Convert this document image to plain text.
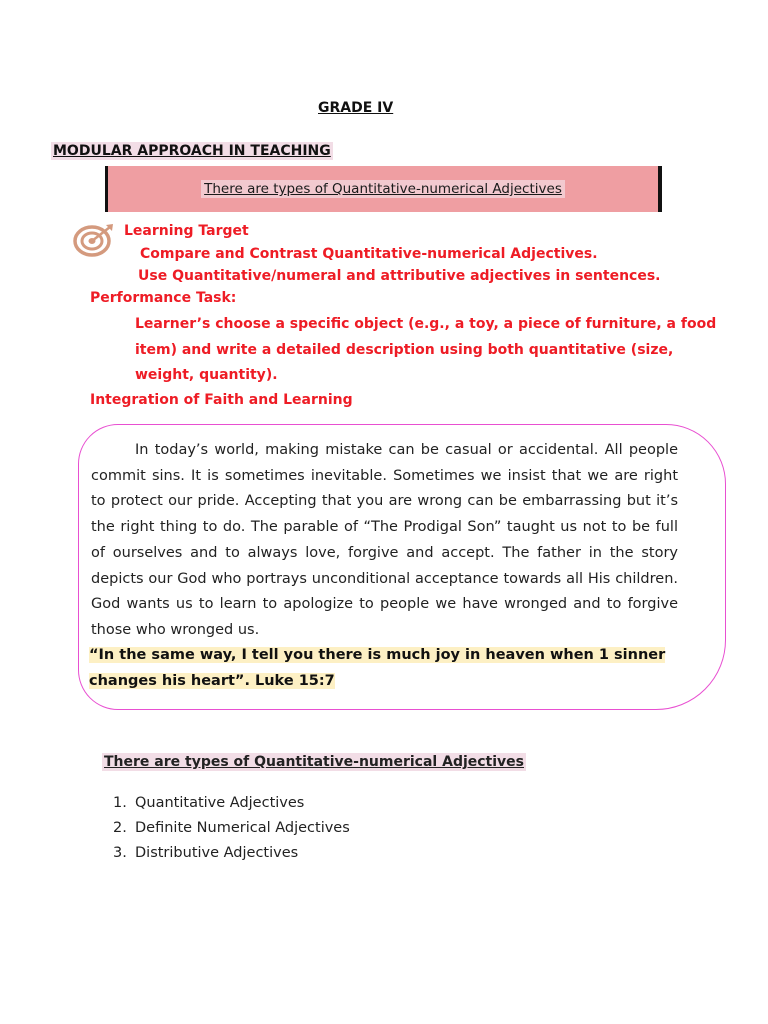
GRADE IV
MODULAR APPROACH IN TEACHING
There are types of Quantitative-numerical Adjectives
Learning Target
Compare and Contrast Quantitative-numerical Adjectives.
Use Quantitative/numeral and attributive adjectives in sentences.
Performance Task:
Learner’s choose a specific object (e.g., a toy, a piece of furniture, a food
item) and write a detailed description using both quantitative (size,
weight, quantity).
Integration of Faith and Learning
In today’s world, making mistake can be casual or accidental. All people commit sins. It is sometimes inevitable. Sometimes we insist that we are right to protect our pride. Accepting that you are wrong can be embarrassing but it’s the right thing to do. The parable of “The Prodigal Son” taught us not to be full of ourselves and to always love, forgive and accept. The father in the story depicts our God who portrays unconditional acceptance towards all His children. God wants us to learn to apologize to people we have wronged and to forgive those who wronged us.
“In the same way, I tell you there is much joy in heaven when 1 sinner changes his heart”. Luke 15:7
There are types of Quantitative-numerical Adjectives
1. Quantitative Adjectives
2. Definite Numerical Adjectives
3. Distributive Adjectives
